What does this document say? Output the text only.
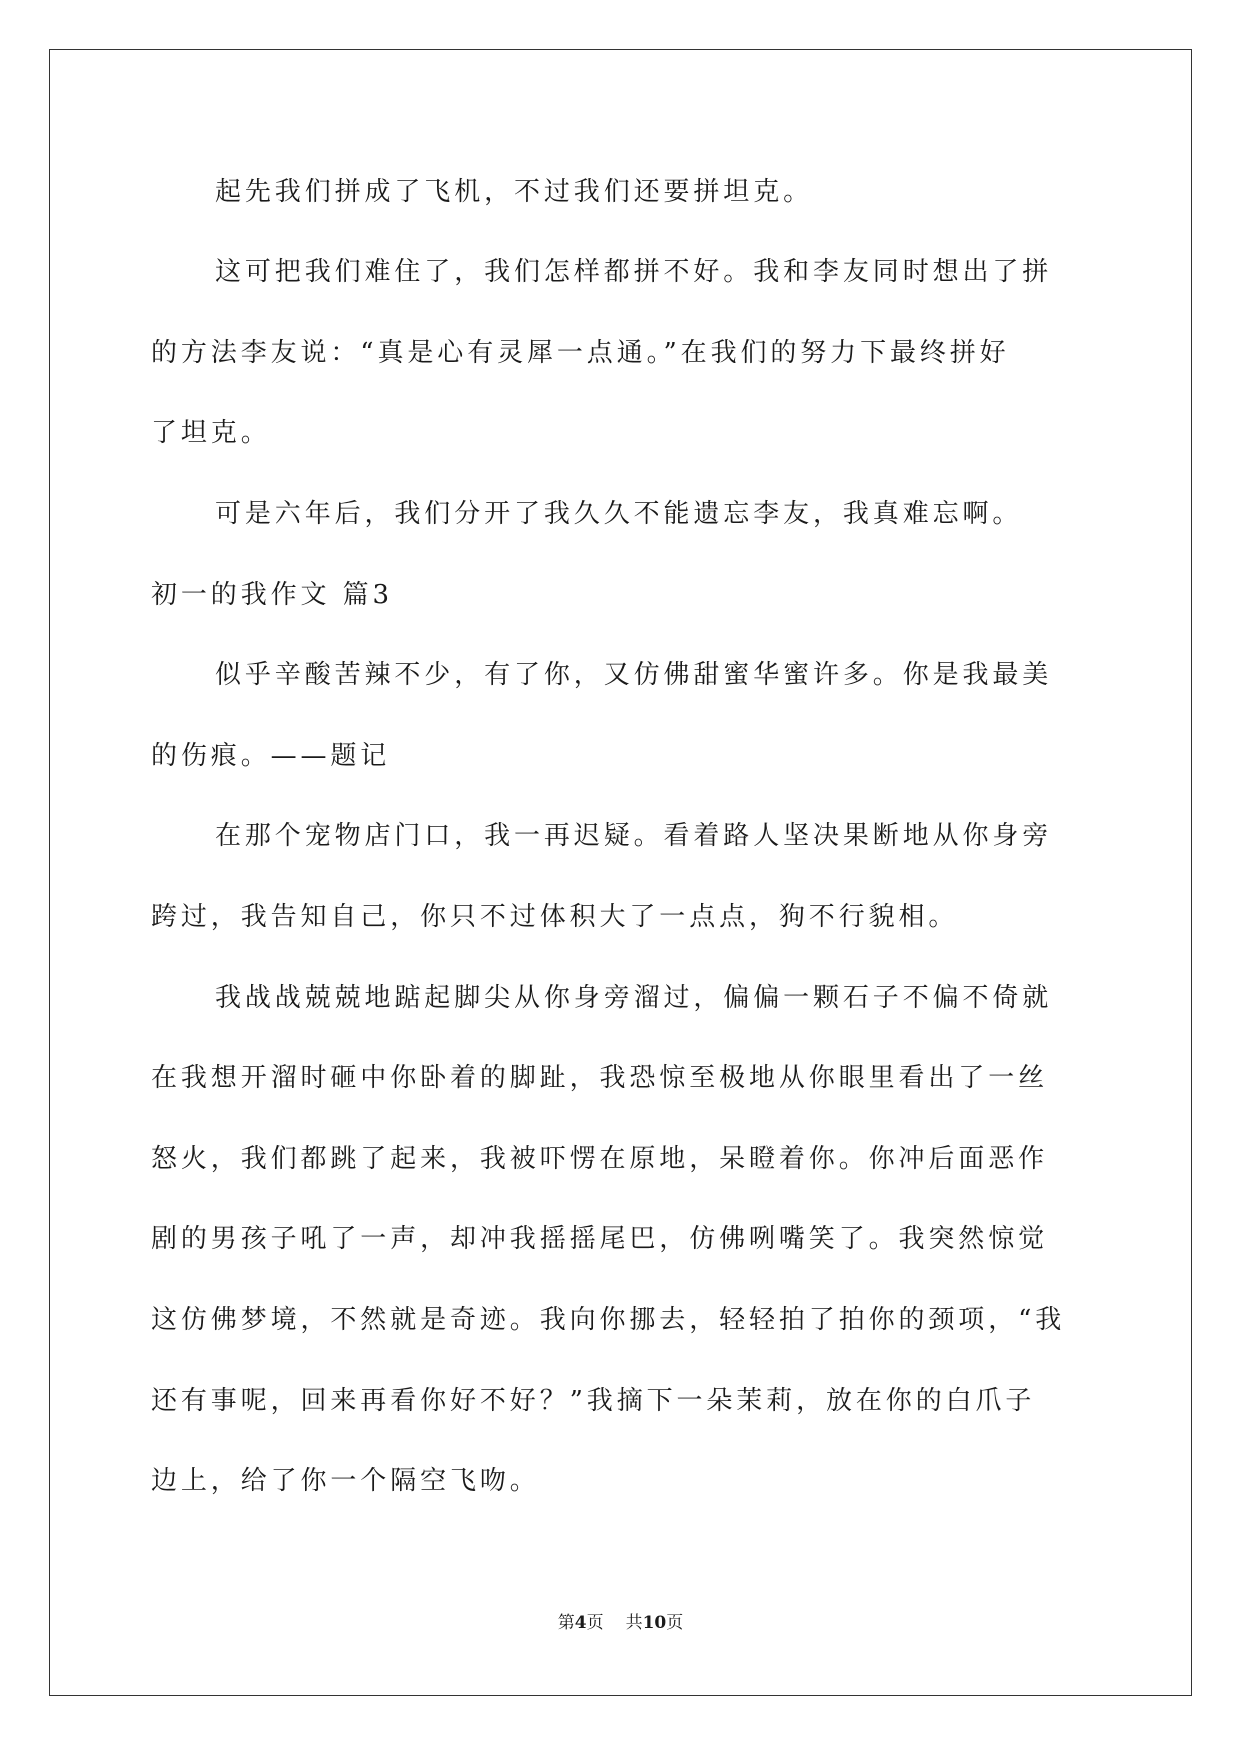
起先我们拼成了飞机，不过我们还要拼坦克。

这可把我们难住了，我们怎样都拼不好。我和李友同时想出了拼

的方法李友说：“真是心有灵犀一点通。”在我们的努力下最终拼好

了坦克。

可是六年后，我们分开了我久久不能遗忘李友，我真难忘啊。

初一的我作文 篇3

似乎辛酸苦辣不少，有了你，又仿佛甜蜜华蜜许多。你是我最美

的伤痕。——题记

在那个宠物店门口，我一再迟疑。看着路人坚决果断地从你身旁

跨过，我告知自己，你只不过体积大了一点点，狗不行貌相。

我战战兢兢地踮起脚尖从你身旁溜过，偏偏一颗石子不偏不倚就

在我想开溜时砸中你卧着的脚趾，我恐惊至极地从你眼里看出了一丝

怒火，我们都跳了起来，我被吓愣在原地，呆瞪着你。你冲后面恶作

剧的男孩子吼了一声，却冲我摇摇尾巴，仿佛咧嘴笑了。我突然惊觉

这仿佛梦境，不然就是奇迹。我向你挪去，轻轻拍了拍你的颈项，“我

还有事呢，回来再看你好不好？”我摘下一朵茉莉，放在你的白爪子

边上，给了你一个隔空飞吻。

第4页 共10页
